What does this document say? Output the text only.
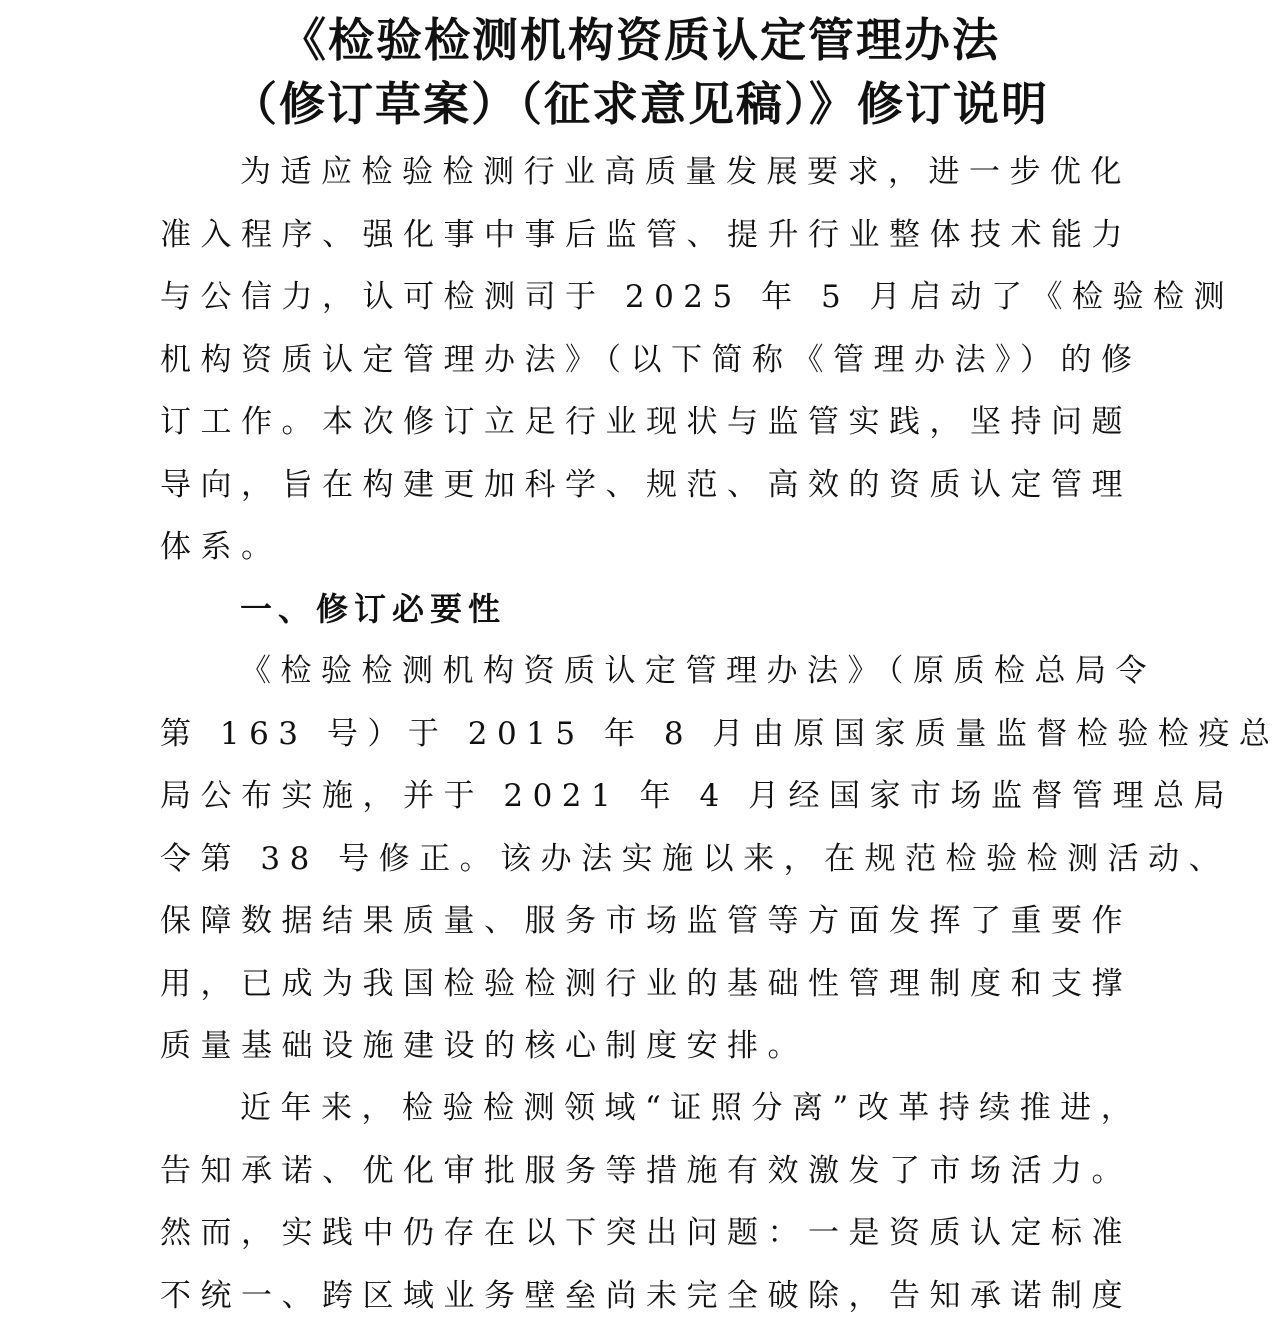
《检验检测机构资质认定管理办法
（修订草案）（征求意见稿）》修订说明
为适应检验检测行业高质量发展要求，进一步优化
准入程序、强化事中事后监管、提升行业整体技术能力
与公信力，认可检测司于 2025 年 5 月启动了《检验检测
机构资质认定管理办法》（以下简称《管理办法》）的修
订工作。本次修订立足行业现状与监管实践，坚持问题
导向，旨在构建更加科学、规范、高效的资质认定管理
体系。
一、修订必要性
《检验检测机构资质认定管理办法》（原质检总局令
第 163 号）于 2015 年 8 月由原国家质量监督检验检疫总
局公布实施，并于 2021 年 4 月经国家市场监督管理总局
令第 38 号修正。该办法实施以来，在规范检验检测活动、
保障数据结果质量、服务市场监管等方面发挥了重要作
用，已成为我国检验检测行业的基础性管理制度和支撑
质量基础设施建设的核心制度安排。
近年来，检验检测领域“证照分离”改革持续推进，
告知承诺、优化审批服务等措施有效激发了市场活力。
然而，实践中仍存在以下突出问题：一是资质认定标准
不统一、跨区域业务壁垒尚未完全破除，告知承诺制度
